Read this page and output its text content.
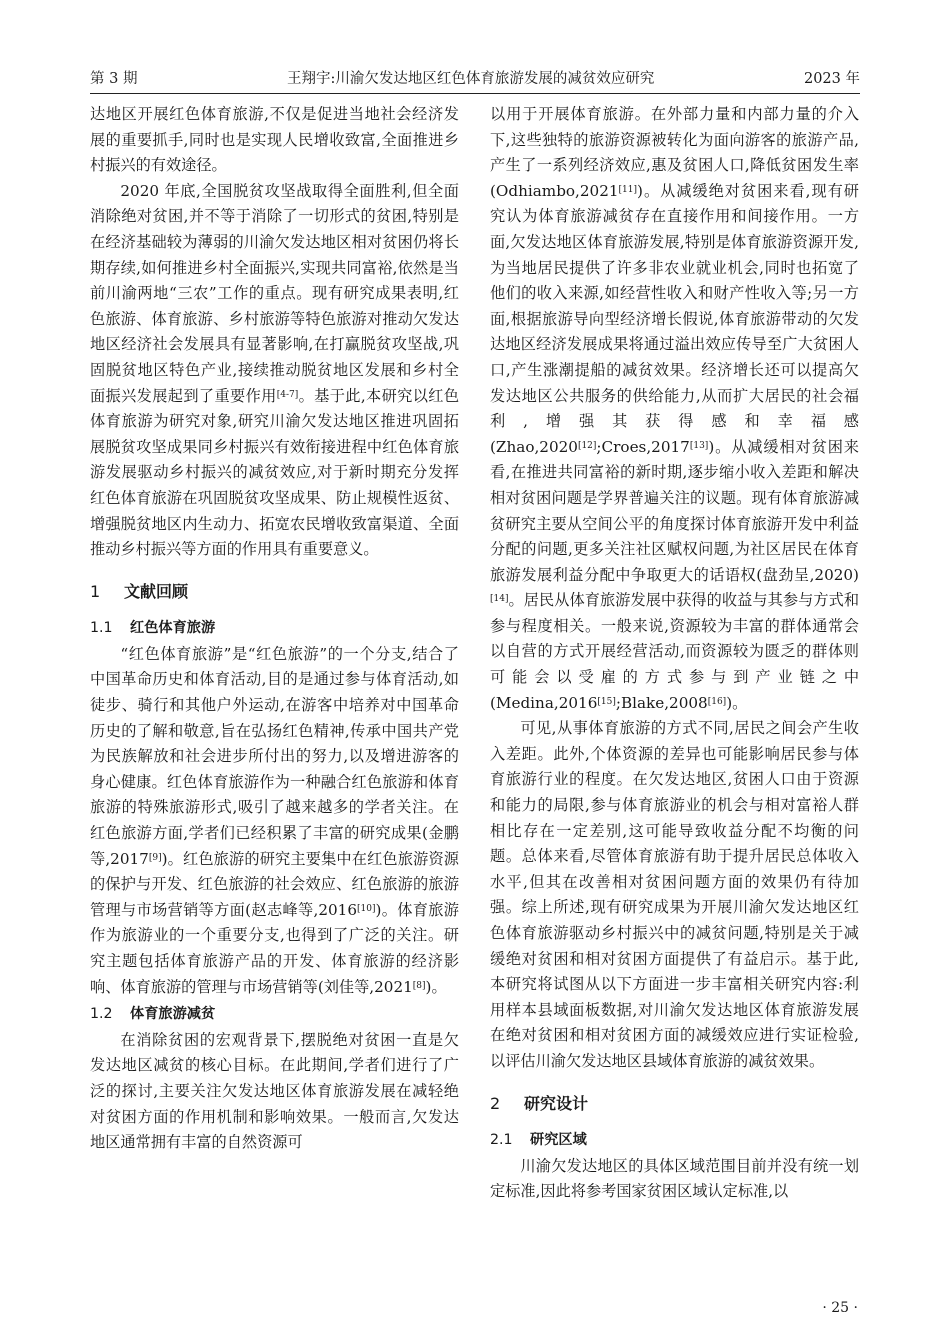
第 3 期	王翔宇:川渝欠发达地区红色体育旅游发展的减贫效应研究	2023 年

达地区开展红色体育旅游,不仅是促进当地社会经济发展的重要抓手,同时也是实现人民增收致富,全面推进乡村振兴的有效途径。

2020 年底,全国脱贫攻坚战取得全面胜利,但全面消除绝对贫困,并不等于消除了一切形式的贫困,特别是在经济基础较为薄弱的川渝欠发达地区相对贫困仍将长期存续,如何推进乡村全面振兴,实现共同富裕,依然是当前川渝两地“三农”工作的重点。现有研究成果表明,红色旅游、体育旅游、乡村旅游等特色旅游对推动欠发达地区经济社会发展具有显著影响,在打赢脱贫攻坚战,巩固脱贫地区特色产业,接续推动脱贫地区发展和乡村全面振兴发展起到了重要作用[4-7]。基于此,本研究以红色体育旅游为研究对象,研究川渝欠发达地区推进巩固拓展脱贫攻坚成果同乡村振兴有效衔接进程中红色体育旅游发展驱动乡村振兴的减贫效应,对于新时期充分发挥红色体育旅游在巩固脱贫攻坚成果、防止规模性返贫、增强脱贫地区内生动力、拓宽农民增收致富渠道、全面推动乡村振兴等方面的作用具有重要意义。

1 文献回顾
1.1 红色体育旅游

“红色体育旅游”是“红色旅游”的一个分支,结合了中国革命历史和体育活动,目的是通过参与体育活动,如徒步、骑行和其他户外运动,在游客中培养对中国革命历史的了解和敬意,旨在弘扬红色精神,传承中国共产党为民族解放和社会进步所付出的努力,以及增进游客的身心健康。红色体育旅游作为一种融合红色旅游和体育旅游的特殊旅游形式,吸引了越来越多的学者关注。在红色旅游方面,学者们已经积累了丰富的研究成果(金鹏等,2017[9])。红色旅游的研究主要集中在红色旅游资源的保护与开发、红色旅游的社会效应、红色旅游的旅游管理与市场营销等方面(赵志峰等,2016[10])。体育旅游作为旅游业的一个重要分支,也得到了广泛的关注。研究主题包括体育旅游产品的开发、体育旅游的经济影响、体育旅游的管理与市场营销等(刘佳等,2021[8])。

1.2 体育旅游减贫

在消除贫困的宏观背景下,摆脱绝对贫困一直是欠发达地区减贫的核心目标。在此期间,学者们进行了广泛的探讨,主要关注欠发达地区体育旅游发展在减轻绝对贫困方面的作用机制和影响效果。一般而言,欠发达地区通常拥有丰富的自然资源可

以用于开展体育旅游。在外部力量和内部力量的介入下,这些独特的旅游资源被转化为面向游客的旅游产品,产生了一系列经济效应,惠及贫困人口,降低贫困发生率(Odhiambo,2021[11])。从减缓绝对贫困来看,现有研究认为体育旅游减贫存在直接作用和间接作用。一方面,欠发达地区体育旅游发展,特别是体育旅游资源开发,为当地居民提供了许多非农业就业机会,同时也拓宽了他们的收入来源,如经营性收入和财产性收入等;另一方面,根据旅游导向型经济增长假说,体育旅游带动的欠发达地区经济发展成果将通过溢出效应传导至广大贫困人口,产生涨潮提船的减贫效果。经济增长还可以提高欠发达地区公共服务的供给能力,从而扩大居民的社会福利,增强其获得感和幸福感(Zhao,2020[12];Croes,2017[13])。从减缓相对贫困来看,在推进共同富裕的新时期,逐步缩小收入差距和解决相对贫困问题是学界普遍关注的议题。现有体育旅游减贫研究主要从空间公平的角度探讨体育旅游开发中利益分配的问题,更多关注社区赋权问题,为社区居民在体育旅游发展利益分配中争取更大的话语权(盘劲呈,2020)[14]。居民从体育旅游发展中获得的收益与其参与方式和参与程度相关。一般来说,资源较为丰富的群体通常会以自营的方式开展经营活动,而资源较为匮乏的群体则可能会以受雇的方式参与到产业链之中(Medina,2016[15];Blake,2008[16])。

可见,从事体育旅游的方式不同,居民之间会产生收入差距。此外,个体资源的差异也可能影响居民参与体育旅游行业的程度。在欠发达地区,贫困人口由于资源和能力的局限,参与体育旅游业的机会与相对富裕人群相比存在一定差别,这可能导致收益分配不均衡的问题。总体来看,尽管体育旅游有助于提升居民总体收入水平,但其在改善相对贫困问题方面的效果仍有待加强。综上所述,现有研究成果为开展川渝欠发达地区红色体育旅游驱动乡村振兴中的减贫问题,特别是关于减缓绝对贫困和相对贫困方面提供了有益启示。基于此,本研究将试图从以下方面进一步丰富相关研究内容:利用样本县域面板数据,对川渝欠发达地区体育旅游发展在绝对贫困和相对贫困方面的减缓效应进行实证检验,以评估川渝欠发达地区县域体育旅游的减贫效果。

2 研究设计
2.1 研究区域

川渝欠发达地区的具体区域范围目前并没有统一划定标准,因此将参考国家贫困区域认定标准,以

· 25 ·
